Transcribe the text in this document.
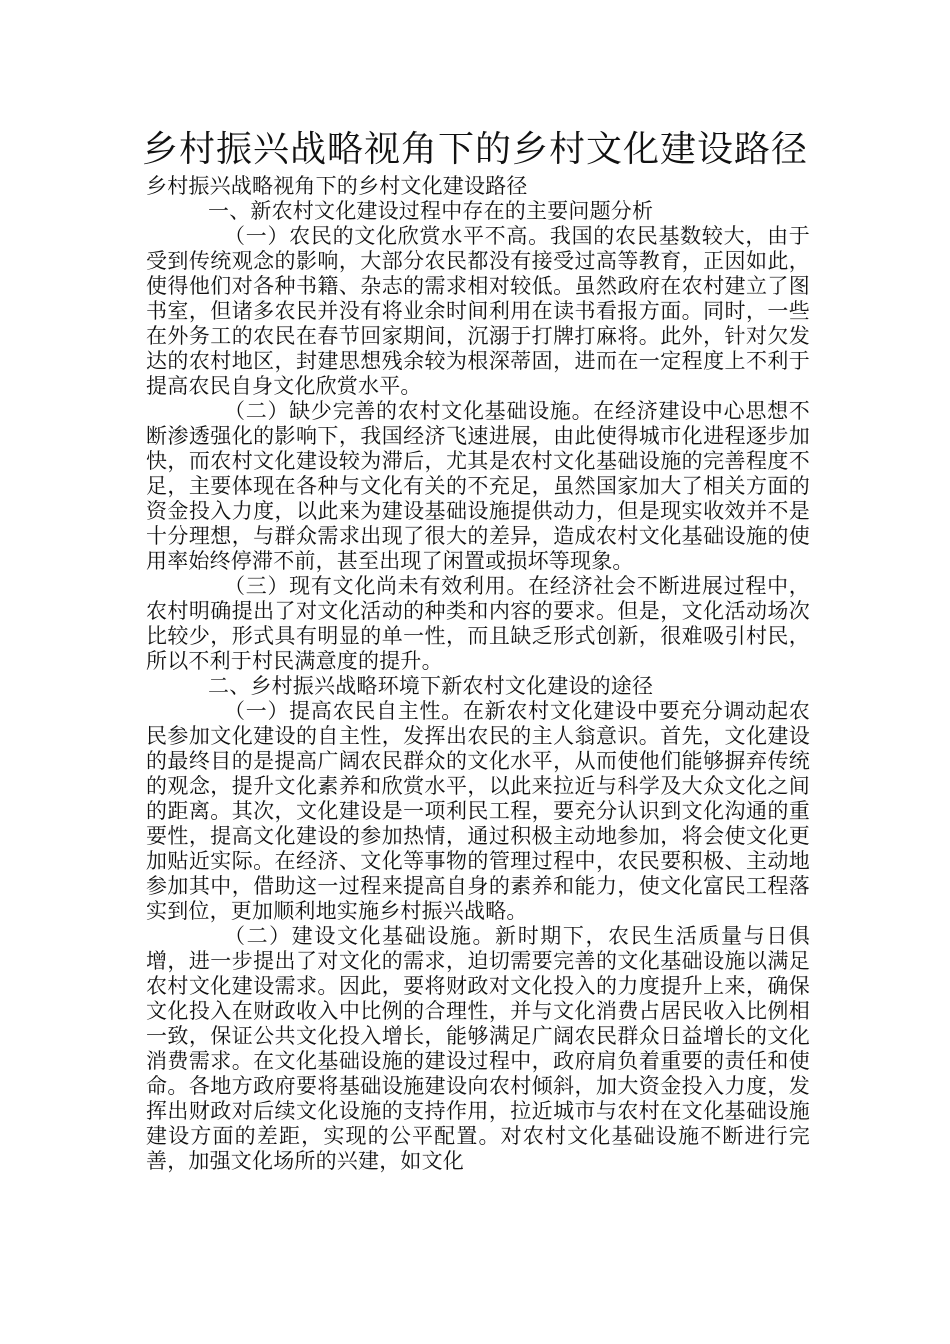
乡村振兴战略视角下的乡村文化建设路径

乡村振兴战略视角下的乡村文化建设路径

一、新农村文化建设过程中存在的主要问题分析

（一）农民的文化欣赏水平不高。我国的农民基数较大，由于受到传统观念的影响，大部分农民都没有接受过高等教育，正因如此，使得他们对各种书籍、杂志的需求相对较低。虽然政府在农村建立了图书室，但诸多农民并没有将业余时间利用在读书看报方面。同时，一些在外务工的农民在春节回家期间，沉溺于打牌打麻将。此外，针对欠发达的农村地区，封建思想残余较为根深蒂固，进而在一定程度上不利于提高农民自身文化欣赏水平。

（二）缺少完善的农村文化基础设施。在经济建设中心思想不断渗透强化的影响下，我国经济飞速进展，由此使得城市化进程逐步加快，而农村文化建设较为滞后，尤其是农村文化基础设施的完善程度不足，主要体现在各种与文化有关的不充足，虽然国家加大了相关方面的资金投入力度，以此来为建设基础设施提供动力，但是现实收效并不是十分理想，与群众需求出现了很大的差异，造成农村文化基础设施的使用率始终停滞不前，甚至出现了闲置或损坏等现象。

（三）现有文化尚未有效利用。在经济社会不断进展过程中，农村明确提出了对文化活动的种类和内容的要求。但是，文化活动场次比较少，形式具有明显的单一性，而且缺乏形式创新，很难吸引村民，所以不利于村民满意度的提升。

二、乡村振兴战略环境下新农村文化建设的途径

（一）提高农民自主性。在新农村文化建设中要充分调动起农民参加文化建设的自主性，发挥出农民的主人翁意识。首先，文化建设的最终目的是提高广阔农民群众的文化水平，从而使他们能够摒弃传统的观念，提升文化素养和欣赏水平，以此来拉近与科学及大众文化之间的距离。其次，文化建设是一项利民工程，要充分认识到文化沟通的重要性，提高文化建设的参加热情，通过积极主动地参加，将会使文化更加贴近实际。在经济、文化等事物的管理过程中，农民要积极、主动地参加其中，借助这一过程来提高自身的素养和能力，使文化富民工程落实到位，更加顺利地实施乡村振兴战略。

（二）建设文化基础设施。新时期下，农民生活质量与日俱增，进一步提出了对文化的需求，迫切需要完善的文化基础设施以满足农村文化建设需求。因此，要将财政对文化投入的力度提升上来，确保文化投入在财政收入中比例的合理性，并与文化消费占居民收入比例相一致，保证公共文化投入增长，能够满足广阔农民群众日益增长的文化消费需求。在文化基础设施的建设过程中，政府肩负着重要的责任和使命。各地方政府要将基础设施建设向农村倾斜，加大资金投入力度，发挥出财政对后续文化设施的支持作用，拉近城市与农村在文化基础设施建设方面的差距，实现的公平配置。对农村文化基础设施不断进行完善，加强文化场所的兴建，如文化
